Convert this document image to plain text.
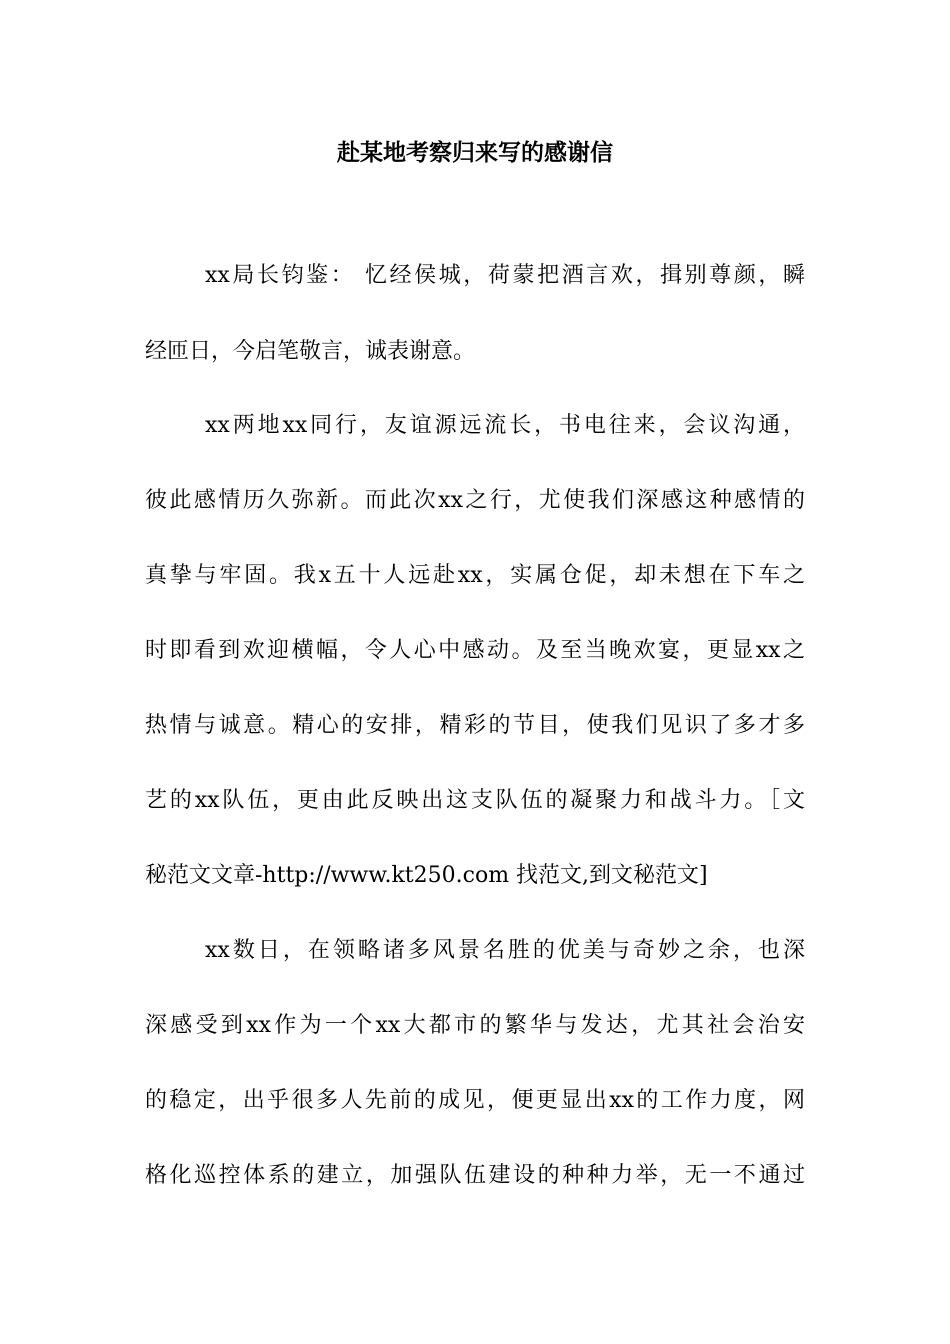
赴某地考察归来写的感谢信
xx局长钧鉴： 忆经侯城，荷蒙把酒言欢，揖别尊颜，瞬
经匝日，今启笔敬言，诚表谢意。
xx两地xx同行，友谊源远流长，书电往来，会议沟通，
彼此感情历久弥新。而此次xx之行，尤使我们深感这种感情的
真挚与牢固。我x五十人远赴xx，实属仓促，却未想在下车之
时即看到欢迎横幅，令人心中感动。及至当晚欢宴，更显xx之
热情与诚意。精心的安排，精彩的节目，使我们见识了多才多
艺的xx队伍，更由此反映出这支队伍的凝聚力和战斗力。［文
秘范文文章-http://www.kt250.com 找范文,到文秘范文]
xx数日，在领略诸多风景名胜的优美与奇妙之余，也深
深感受到xx作为一个xx大都市的繁华与发达，尤其社会治安
的稳定，出乎很多人先前的成见，便更显出xx的工作力度，网
格化巡控体系的建立，加强队伍建设的种种力举，无一不通过
